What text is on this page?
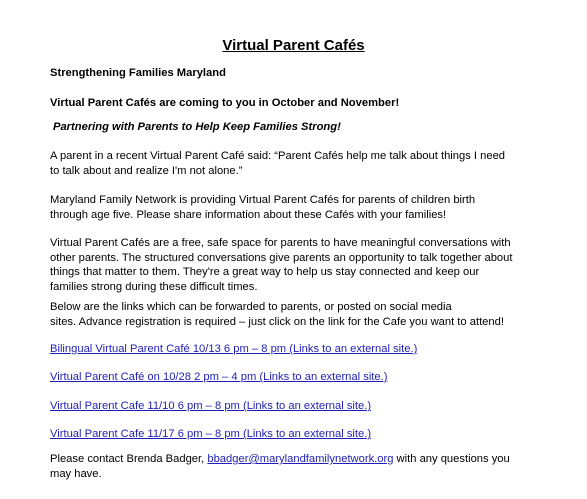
Virtual Parent Cafés

Strengthening Families Maryland

Virtual Parent Cafés are coming to you in October and November!

Partnering with Parents to Help Keep Families Strong!

A parent in a recent Virtual Parent Café said: “Parent Cafés help me talk about things I need

to talk about and realize I'm not alone.”

Maryland Family Network is providing Virtual Parent Cafés for parents of children birth

through age five. Please share information about these Cafés with your families!

Virtual Parent Cafés are a free, safe space for parents to have meaningful conversations with

other parents. The structured conversations give parents an opportunity to talk together about

things that matter to them. They're a great way to help us stay connected and keep our

families strong during these difficult times.

Below are the links which can be forwarded to parents, or posted on social media

sites. Advance registration is required – just click on the link for the Cafe you want to attend!

Bilingual Virtual Parent Café 10/13 6 pm – 8 pm (Links to an external site.)

Virtual Parent Café on 10/28 2 pm – 4 pm (Links to an external site.)

Virtual Parent Cafe 11/10 6 pm – 8 pm (Links to an external site.)

Virtual Parent Cafe 11/17 6 pm – 8 pm (Links to an external site.)

Please contact Brenda Badger, bbadger@marylandfamilynetwork.org with any questions you

may have.
